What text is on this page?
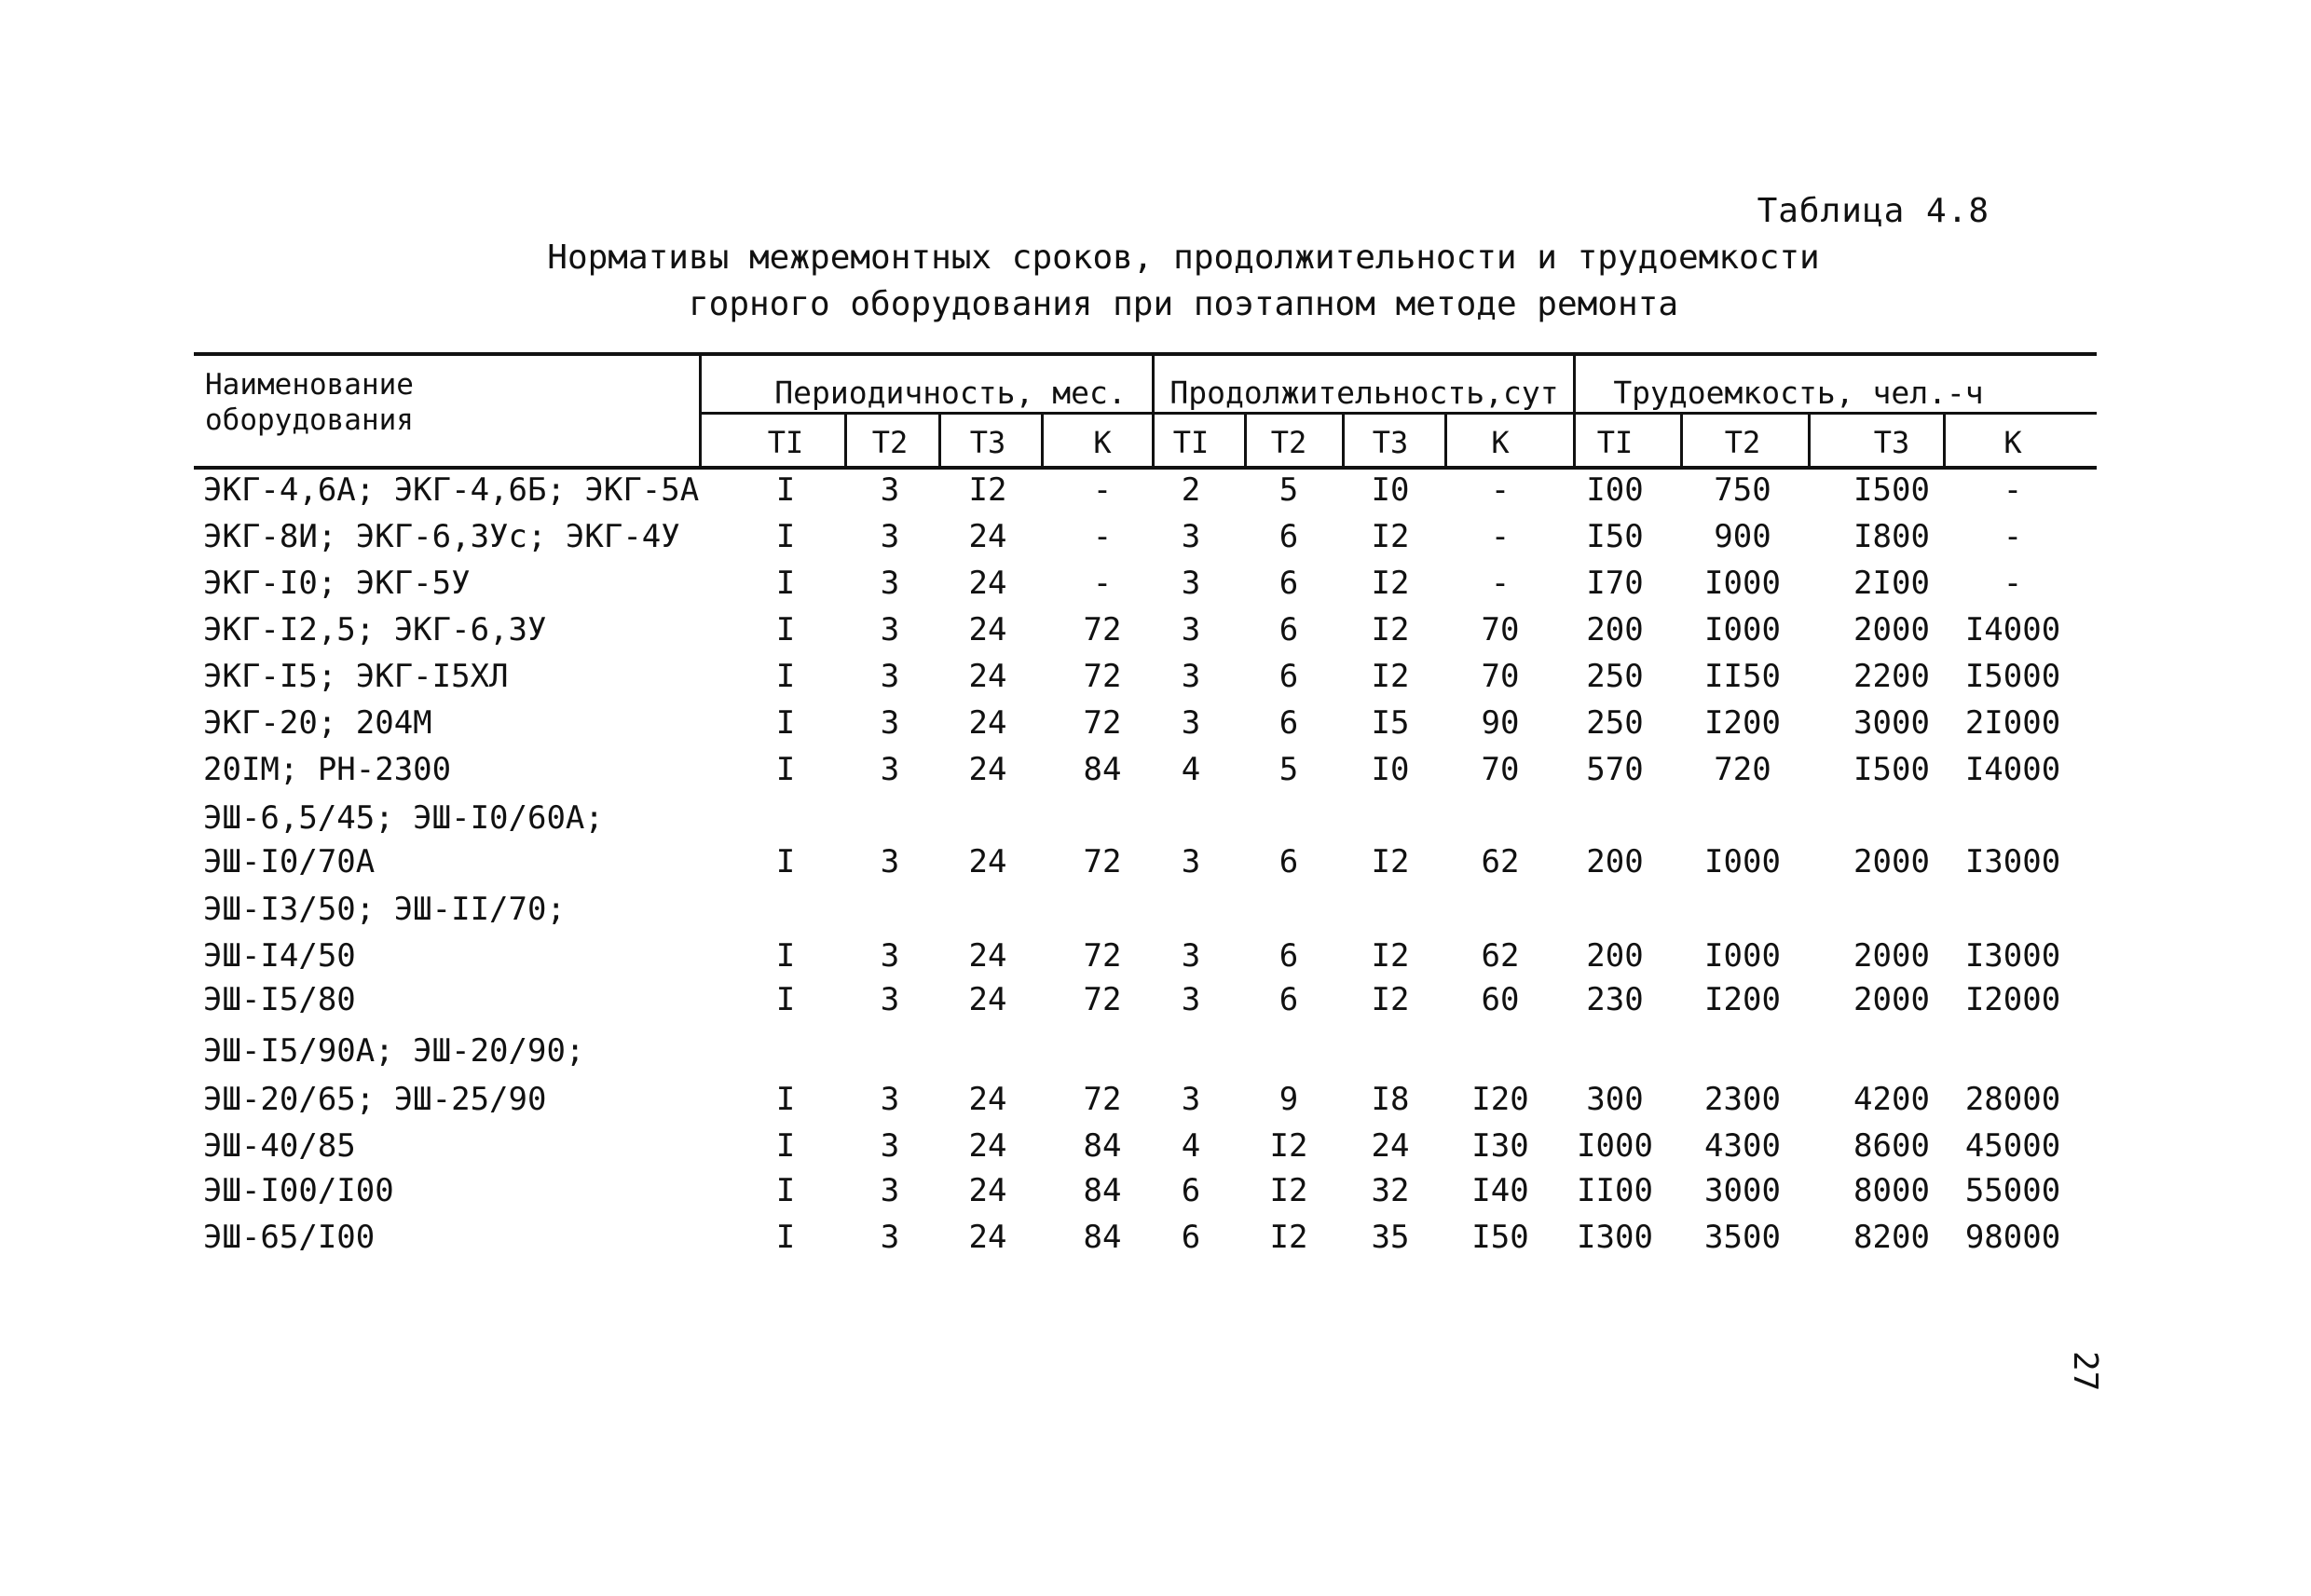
Таблица 4.8
Нормативы межремонтных сроков, продолжительности и трудоемкости
горного оборудования при поэтапном методе ремонта
Наименование
оборудования
Периодичность, мес.	Продолжительность,сут	Трудоемкость, чел.-ч
ТI	Т2	Т3	К	ТI	Т2	Т3	К	ТI	Т2	Т3	К
ЭКГ-4,6А; ЭКГ-4,6Б; ЭКГ-5А	I	3	I2	-	2	5	I0	-	I00	750	I500	-
ЭКГ-8И; ЭКГ-6,3Ус; ЭКГ-4У	I	3	24	-	3	6	I2	-	I50	900	I800	-
ЭКГ-I0; ЭКГ-5У	I	3	24	-	3	6	I2	-	I70	I000	2I00	-
ЭКГ-I2,5; ЭКГ-6,3У	I	3	24	72	3	6	I2	70	200	I000	2000	I4000
ЭКГ-I5; ЭКГ-I5ХЛ	I	3	24	72	3	6	I2	70	250	II50	2200	I5000
ЭКГ-20; 204М	I	3	24	72	3	6	I5	90	250	I200	3000	2I000
20IМ; РН-2300	I	3	24	84	4	5	I0	70	570	720	I500	I4000
ЭШ-6,5/45; ЭШ-I0/60А;
ЭШ-I0/70А	I	3	24	72	3	6	I2	62	200	I000	2000	I3000
ЭШ-I3/50; ЭШ-II/70;
ЭШ-I4/50	I	3	24	72	3	6	I2	62	200	I000	2000	I3000
ЭШ-I5/80	I	3	24	72	3	6	I2	60	230	I200	2000	I2000
ЭШ-I5/90А; ЭШ-20/90;
ЭШ-20/65; ЭШ-25/90	I	3	24	72	3	9	I8	I20	300	2300	4200	28000
ЭШ-40/85	I	3	24	84	4	I2	24	I30	I000	4300	8600	45000
ЭШ-I00/I00	I	3	24	84	6	I2	32	I40	II00	3000	8000	55000
ЭШ-65/I00	I	3	24	84	6	I2	35	I50	I300	3500	8200	98000
27
